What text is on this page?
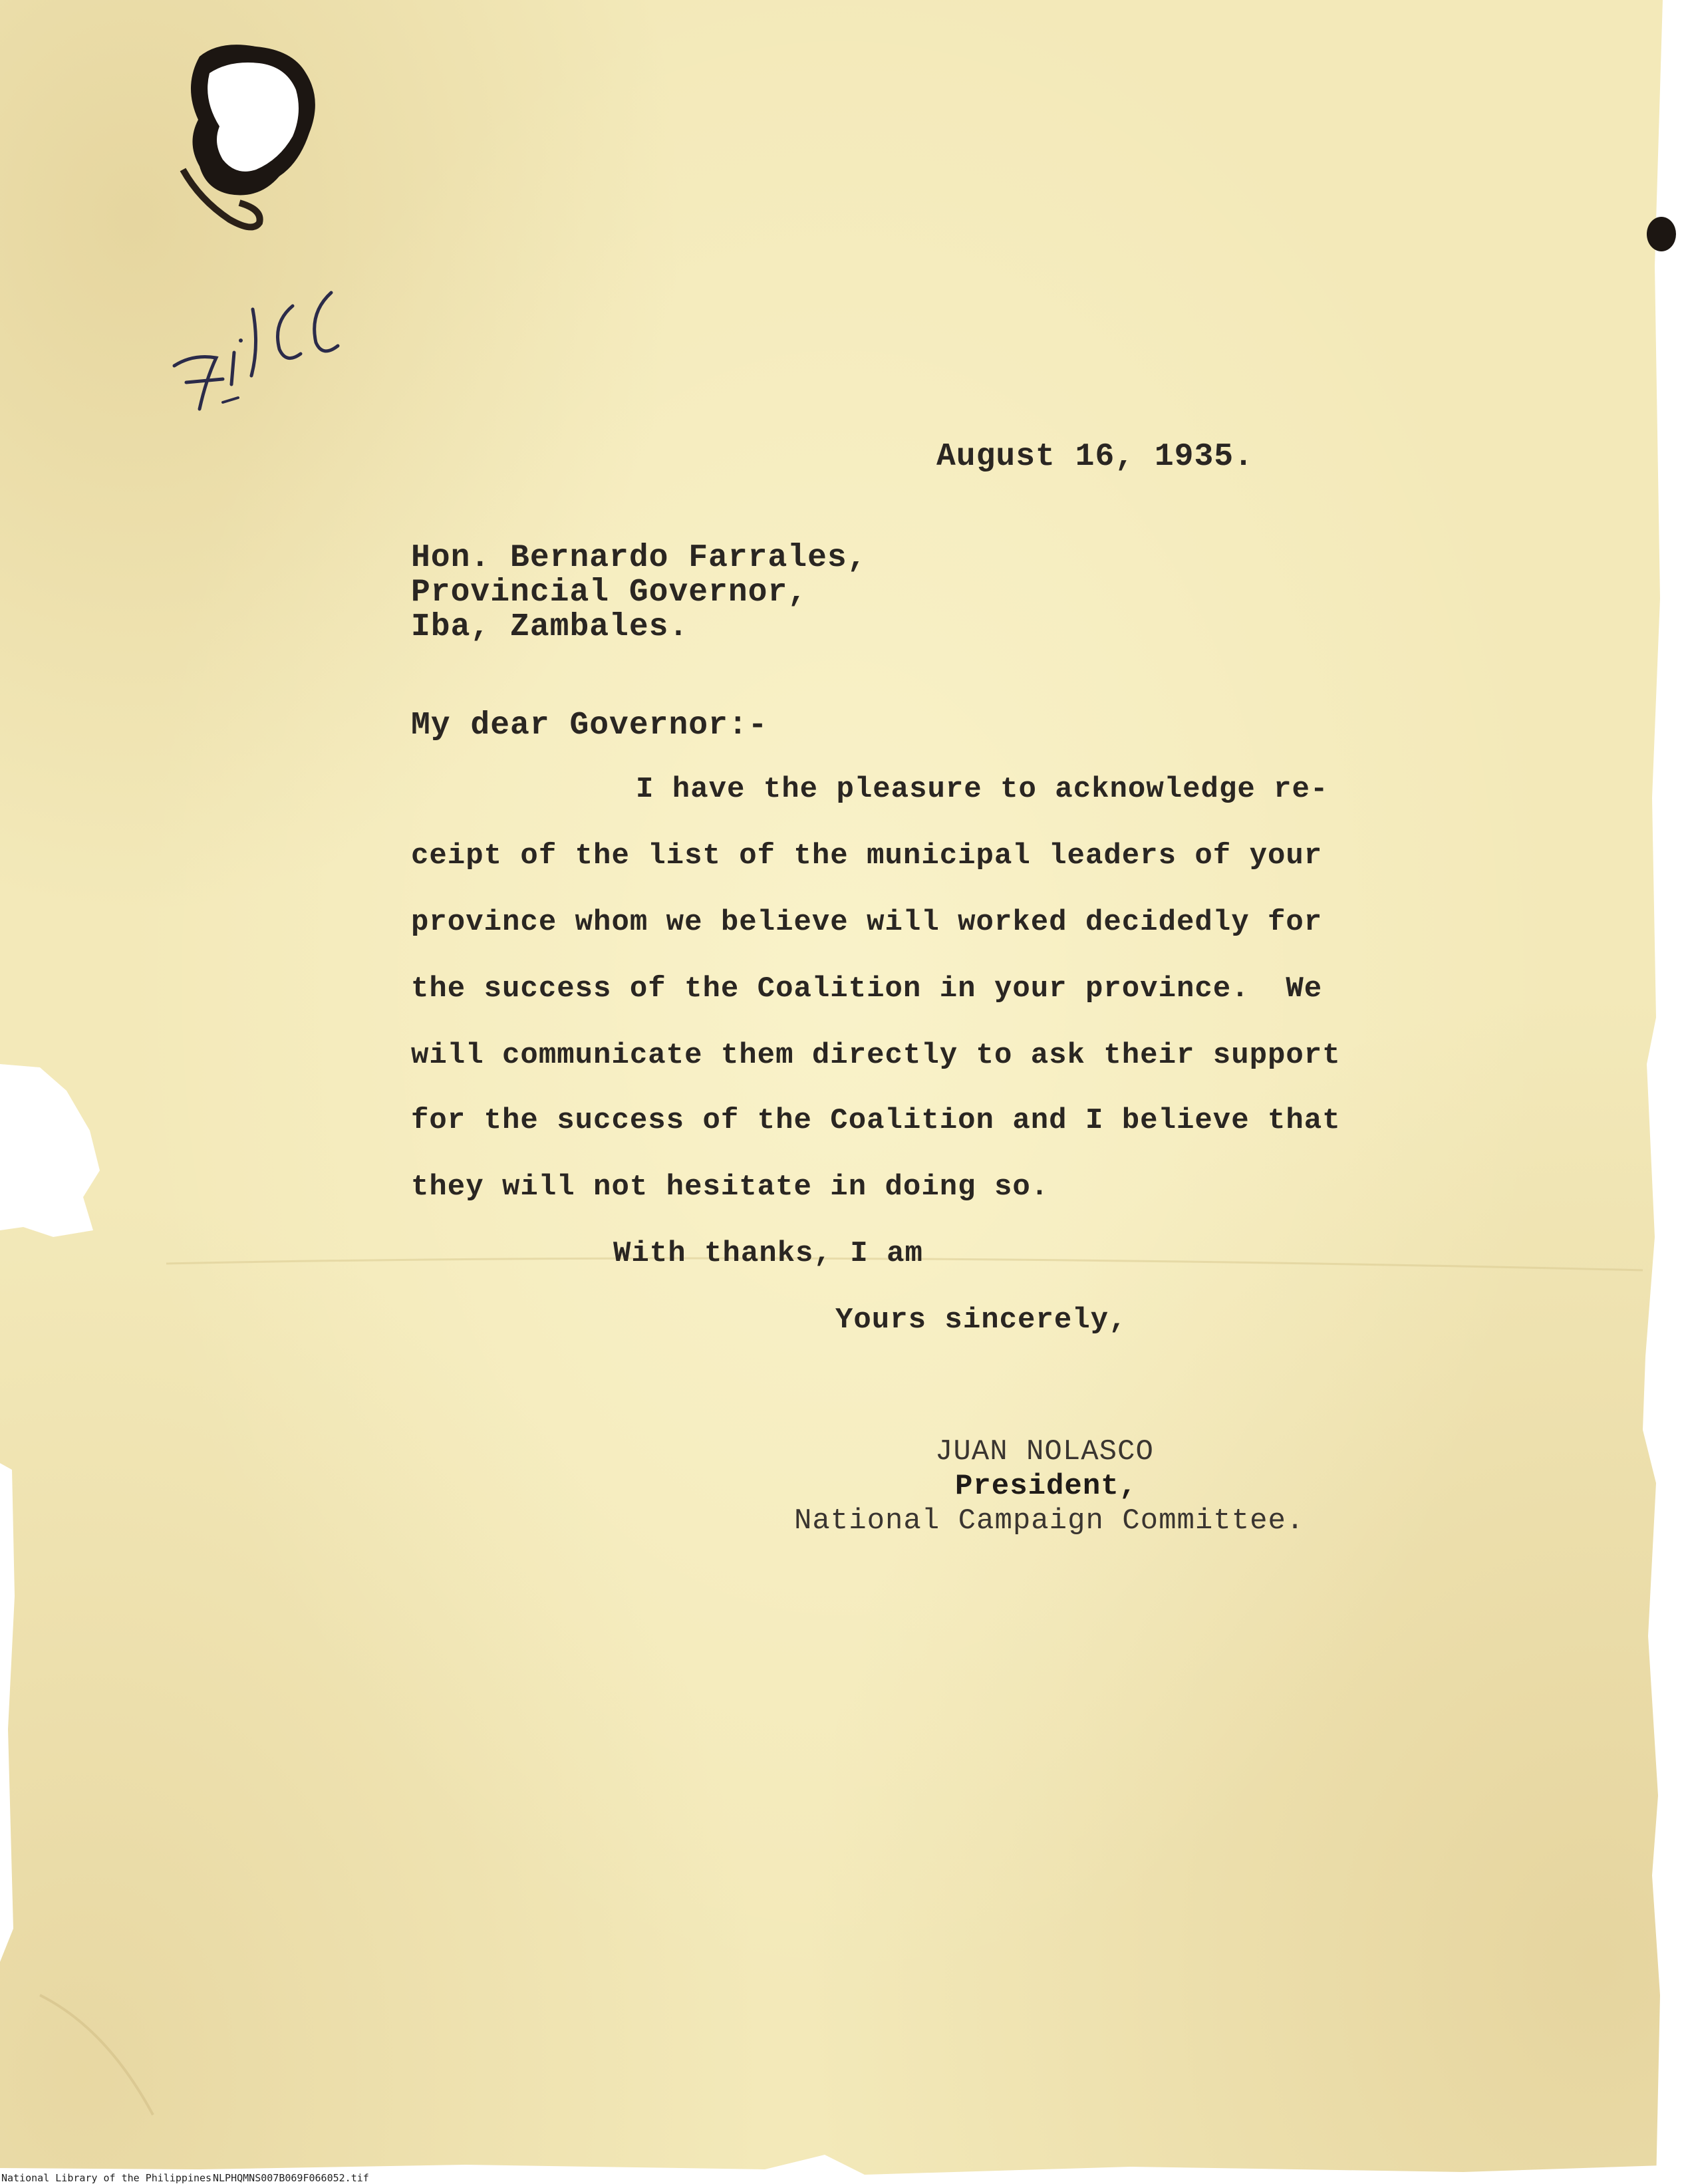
August 16, 1935.

Hon. Bernardo Farrales,

Provincial Governor,

Iba, Zambales.

My dear Governor:-

I have the pleasure to acknowledge re-

ceipt of the list of the municipal leaders of your

province whom we believe will worked decidedly for

the success of the Coalition in your province.  We

will communicate them directly to ask their support

for the success of the Coalition and I believe that

they will not hesitate in doing so.

With thanks, I am

Yours sincerely,

JUAN NOLASCO

President,

National Campaign Committee.

National Library of the Philippines NLPHQMNS007B069F066052.tif
